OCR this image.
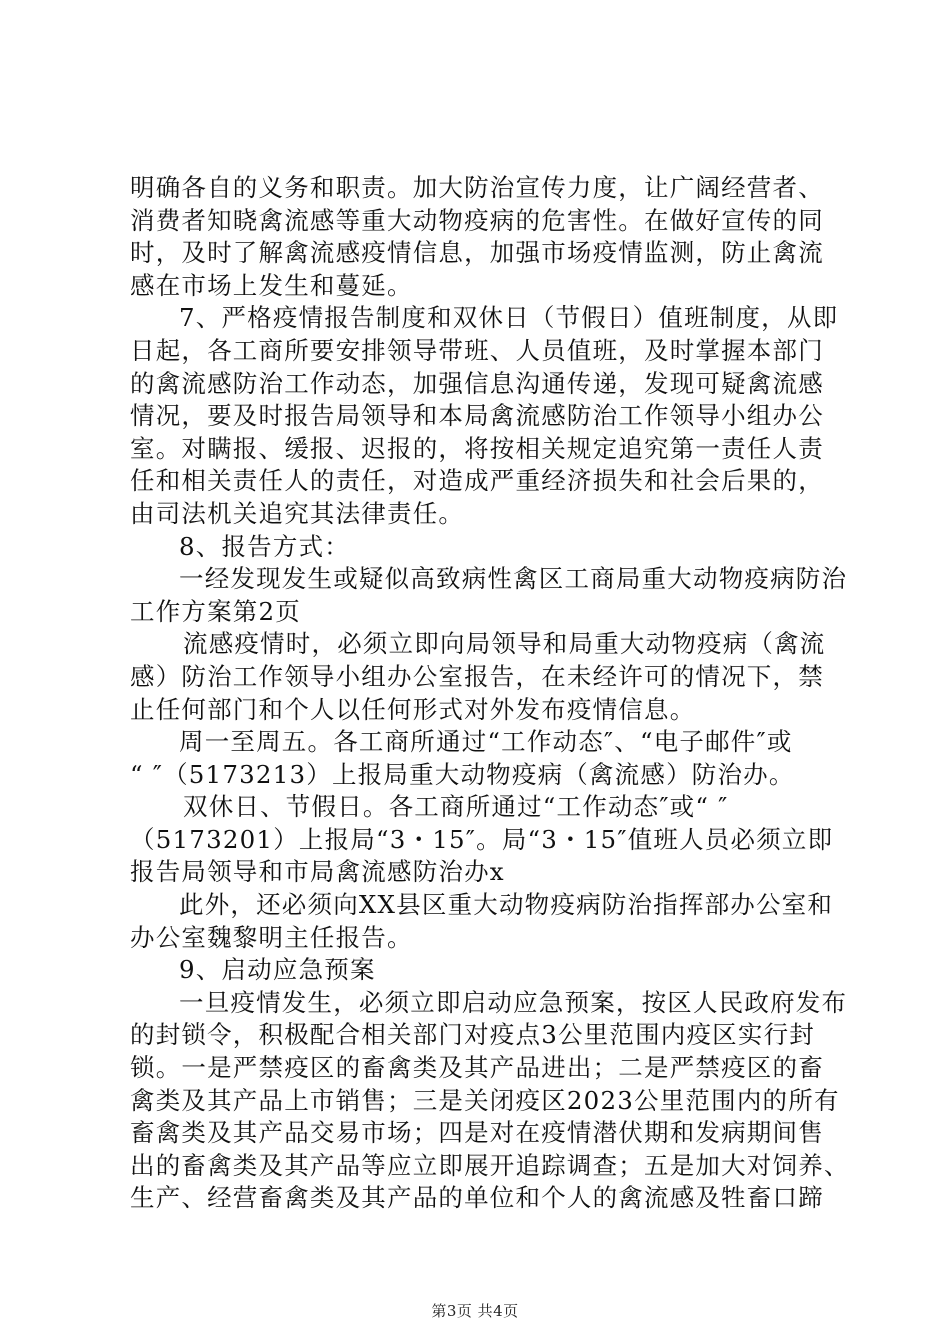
明确各自的义务和职责。加大防治宣传力度，让广阔经营者、
消费者知晓禽流感等重大动物疫病的危害性。在做好宣传的同
时，及时了解禽流感疫情信息，加强市场疫情监测，防止禽流
感在市场上发生和蔓延。
7、严格疫情报告制度和双休日（节假日）值班制度，从即
日起，各工商所要安排领导带班、人员值班，及时掌握本部门
的禽流感防治工作动态，加强信息沟通传递，发现可疑禽流感
情况，要及时报告局领导和本局禽流感防治工作领导小组办公
室。对瞒报、缓报、迟报的，将按相关规定追究第一责任人责
任和相关责任人的责任，对造成严重经济损失和社会后果的，
由司法机关追究其法律责任。
8、报告方式：
一经发现发生或疑似高致病性禽区工商局重大动物疫病防治
工作方案第2页
流感疫情时，必须立即向局领导和局重大动物疫病（禽流
感）防治工作领导小组办公室报告，在未经许可的情况下，禁
止任何部门和个人以任何形式对外发布疫情信息。
周一至周五。各工商所通过“工作动态″、“电子邮件″或
“ ″（5173213）上报局重大动物疫病（禽流感）防治办。
双休日、节假日。各工商所通过“工作动态″或“ ″
（5173201）上报局“3・15″。局“3・15″值班人员必须立即
报告局领导和市局禽流感防治办x
此外，还必须向XX县区重大动物疫病防治指挥部办公室和
办公室魏黎明主任报告。
9、启动应急预案
一旦疫情发生，必须立即启动应急预案，按区人民政府发布
的封锁令，积极配合相关部门对疫点3公里范围内疫区实行封
锁。一是严禁疫区的畜禽类及其产品进出；二是严禁疫区的畜
禽类及其产品上市销售；三是关闭疫区2023公里范围内的所有
畜禽类及其产品交易市场；四是对在疫情潜伏期和发病期间售
出的畜禽类及其产品等应立即展开追踪调查；五是加大对饲养、
生产、经营畜禽类及其产品的单位和个人的禽流感及牲畜口蹄
第3页 共4页
